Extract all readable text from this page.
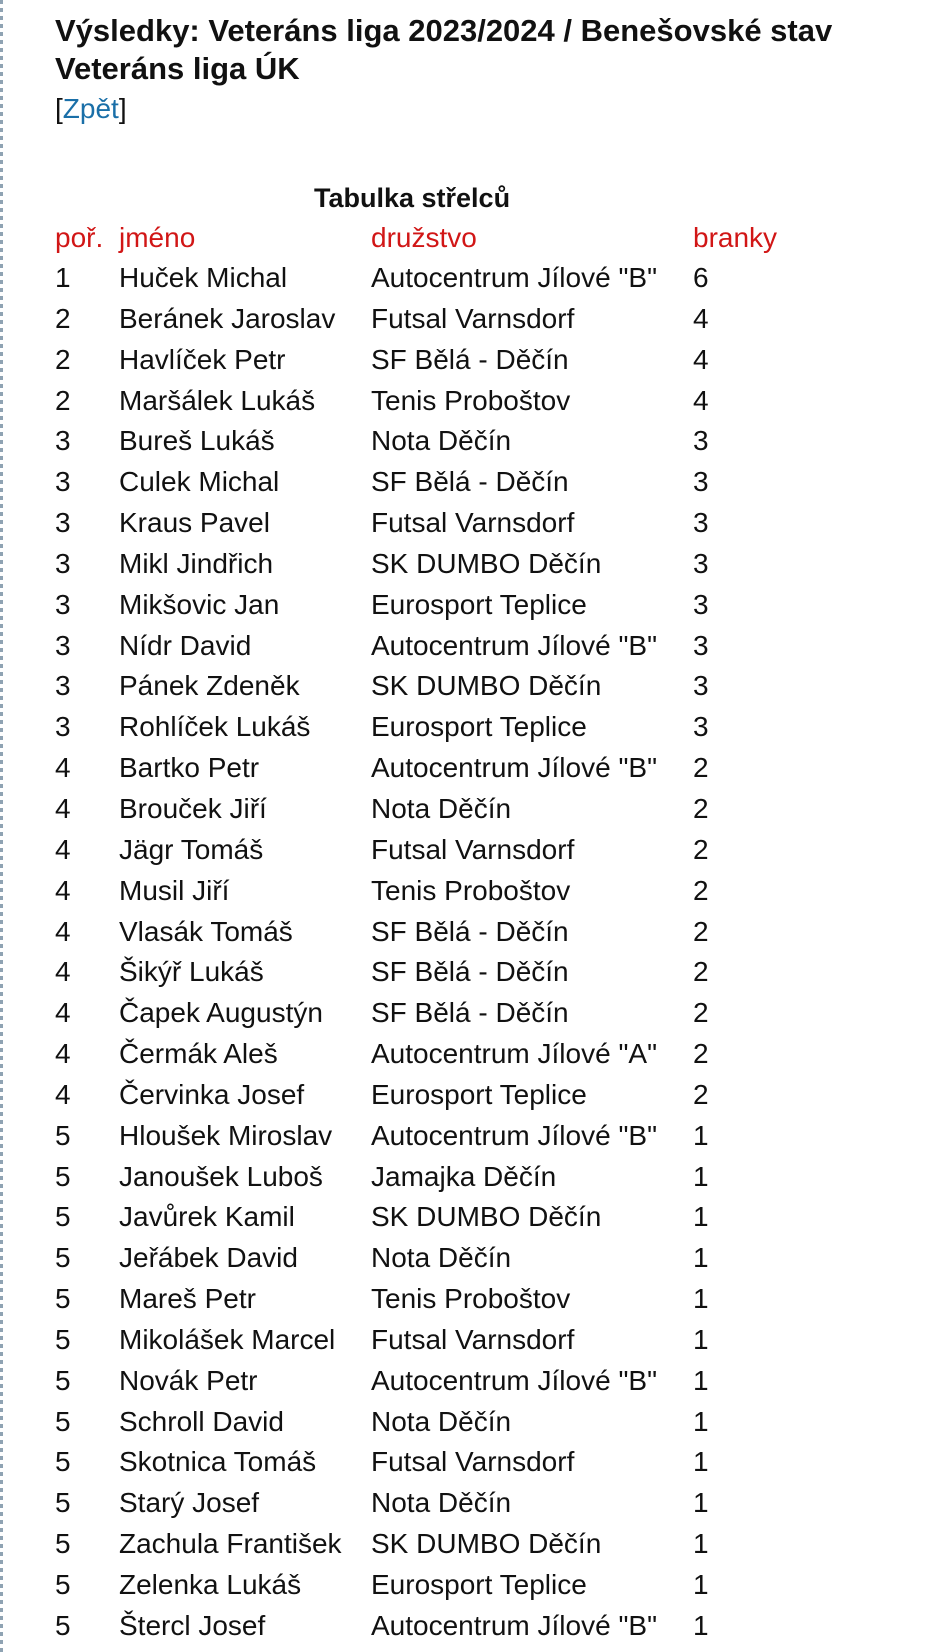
Výsledky: Veteráns liga 2023/2024 / Benešovské stav
Veteráns liga ÚK
[Zpět]
Tabulka střelců
poř.	jméno	družstvo	branky
1	Huček Michal	Autocentrum Jílové "B"	6
2	Beránek Jaroslav	Futsal Varnsdorf	4
2	Havlíček Petr	SF Bělá - Děčín	4
2	Maršálek Lukáš	Tenis Proboštov	4
3	Bureš Lukáš	Nota Děčín	3
3	Culek Michal	SF Bělá - Děčín	3
3	Kraus Pavel	Futsal Varnsdorf	3
3	Mikl Jindřich	SK DUMBO Děčín	3
3	Mikšovic Jan	Eurosport Teplice	3
3	Nídr David	Autocentrum Jílové "B"	3
3	Pánek Zdeněk	SK DUMBO Děčín	3
3	Rohlíček Lukáš	Eurosport Teplice	3
4	Bartko Petr	Autocentrum Jílové "B"	2
4	Brouček Jiří	Nota Děčín	2
4	Jägr Tomáš	Futsal Varnsdorf	2
4	Musil Jiří	Tenis Proboštov	2
4	Vlasák Tomáš	SF Bělá - Děčín	2
4	Šikýř Lukáš	SF Bělá - Děčín	2
4	Čapek Augustýn	SF Bělá - Děčín	2
4	Čermák Aleš	Autocentrum Jílové "A"	2
4	Červinka Josef	Eurosport Teplice	2
5	Hloušek Miroslav	Autocentrum Jílové "B"	1
5	Janoušek Luboš	Jamajka Děčín	1
5	Javůrek Kamil	SK DUMBO Děčín	1
5	Jeřábek David	Nota Děčín	1
5	Mareš Petr	Tenis Proboštov	1
5	Mikolášek Marcel	Futsal Varnsdorf	1
5	Novák Petr	Autocentrum Jílové "B"	1
5	Schroll David	Nota Děčín	1
5	Skotnica Tomáš	Futsal Varnsdorf	1
5	Starý Josef	Nota Děčín	1
5	Zachula František	SK DUMBO Děčín	1
5	Zelenka Lukáš	Eurosport Teplice	1
5	Štercl Josef	Autocentrum Jílové "B"	1
